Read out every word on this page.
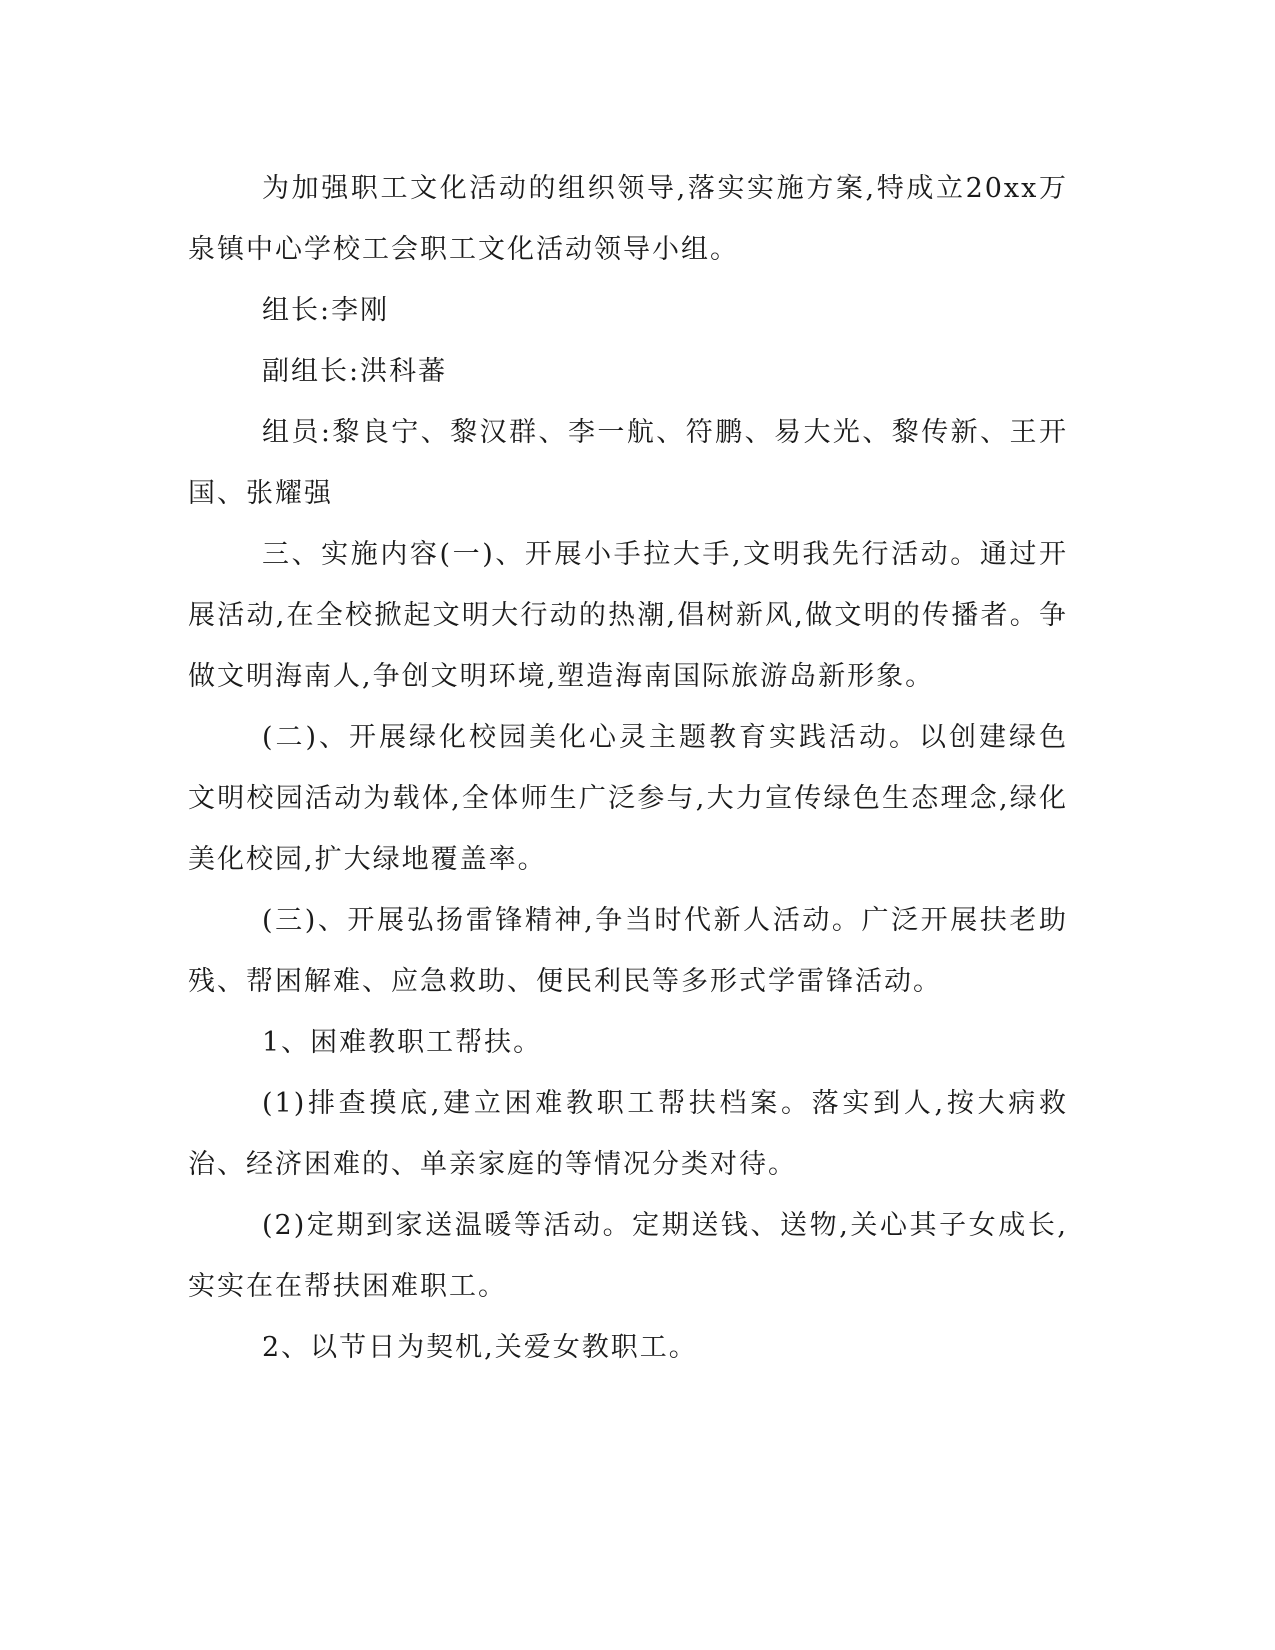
为加强职工文化活动的组织领导,落实实施方案,特成立20xx万泉镇中心学校工会职工文化活动领导小组。

组长:李刚

副组长:洪科蕃

组员:黎良宁、黎汉群、李一航、符鹏、易大光、黎传新、王开国、张耀强

三、实施内容(一)、开展小手拉大手,文明我先行活动。通过开展活动,在全校掀起文明大行动的热潮,倡树新风,做文明的传播者。争做文明海南人,争创文明环境,塑造海南国际旅游岛新形象。

(二)、开展绿化校园美化心灵主题教育实践活动。以创建绿色文明校园活动为载体,全体师生广泛参与,大力宣传绿色生态理念,绿化美化校园,扩大绿地覆盖率。

(三)、开展弘扬雷锋精神,争当时代新人活动。广泛开展扶老助残、帮困解难、应急救助、便民利民等多形式学雷锋活动。

1、困难教职工帮扶。

(1)排查摸底,建立困难教职工帮扶档案。落实到人,按大病救治、经济困难的、单亲家庭的等情况分类对待。

(2)定期到家送温暖等活动。定期送钱、送物,关心其子女成长,实实在在帮扶困难职工。

2、以节日为契机,关爱女教职工。
